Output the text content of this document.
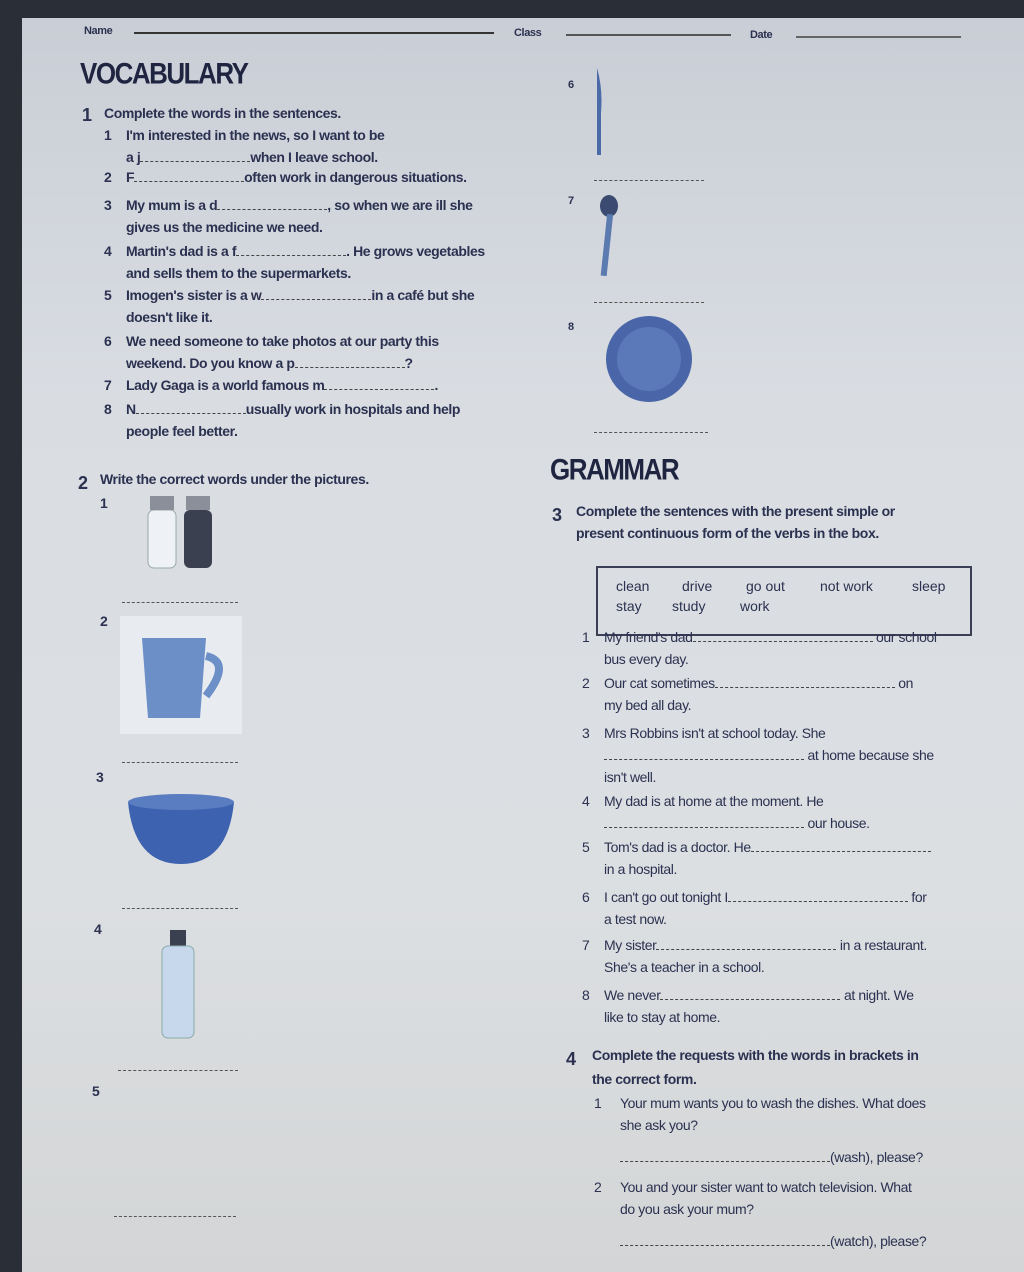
Name	Class	Date
VOCABULARY
1 Complete the words in the sentences.
2 Write the correct words under the pictures.
1
2
3
4
5
6
7
8
GRAMMAR
3 Complete the sentences with the present simple or
present continuous form of the verbs in the box.
clean drive go out	not work	sleep
stay study work
4 Complete the requests with the words in brackets in
the correct form.
1 I'm interested in the news, so I want to be
a j	when I leave school.
2 F	often work in dangerous situations.
3 My mum is a d	, so when we are ill she
gives us the medicine we need.
4 Martin's dad is a f	. He grows vegetables
and sells them to the supermarkets.
5 Imogen's sister is a w	in a café but she
doesn't like it.
6 We need someone to take photos at our party this
weekend. Do you know a p	?
7 Lady Gaga is a world famous m	.
8 N	usually work in hospitals and help
people feel better.
1 My friend's dad	our school
bus every day.
2 Our cat sometimes	on
my bed all day.
3 Mrs Robbins isn't at school today. She
at home because she
isn't well.
4 My dad is at home at the moment. He
our house.
5 Tom's dad is a doctor. He
in a hospital.
6 I can't go out tonight I	for
a test now.
7 My sister	in a restaurant.
She's a teacher in a school.
8 We never	at night. We
like to stay at home.
1 Your mum wants you to wash the dishes. What does
she ask you?
(wash), please?
2 You and your sister want to watch television. What
do you ask your mum?
(watch), please?
